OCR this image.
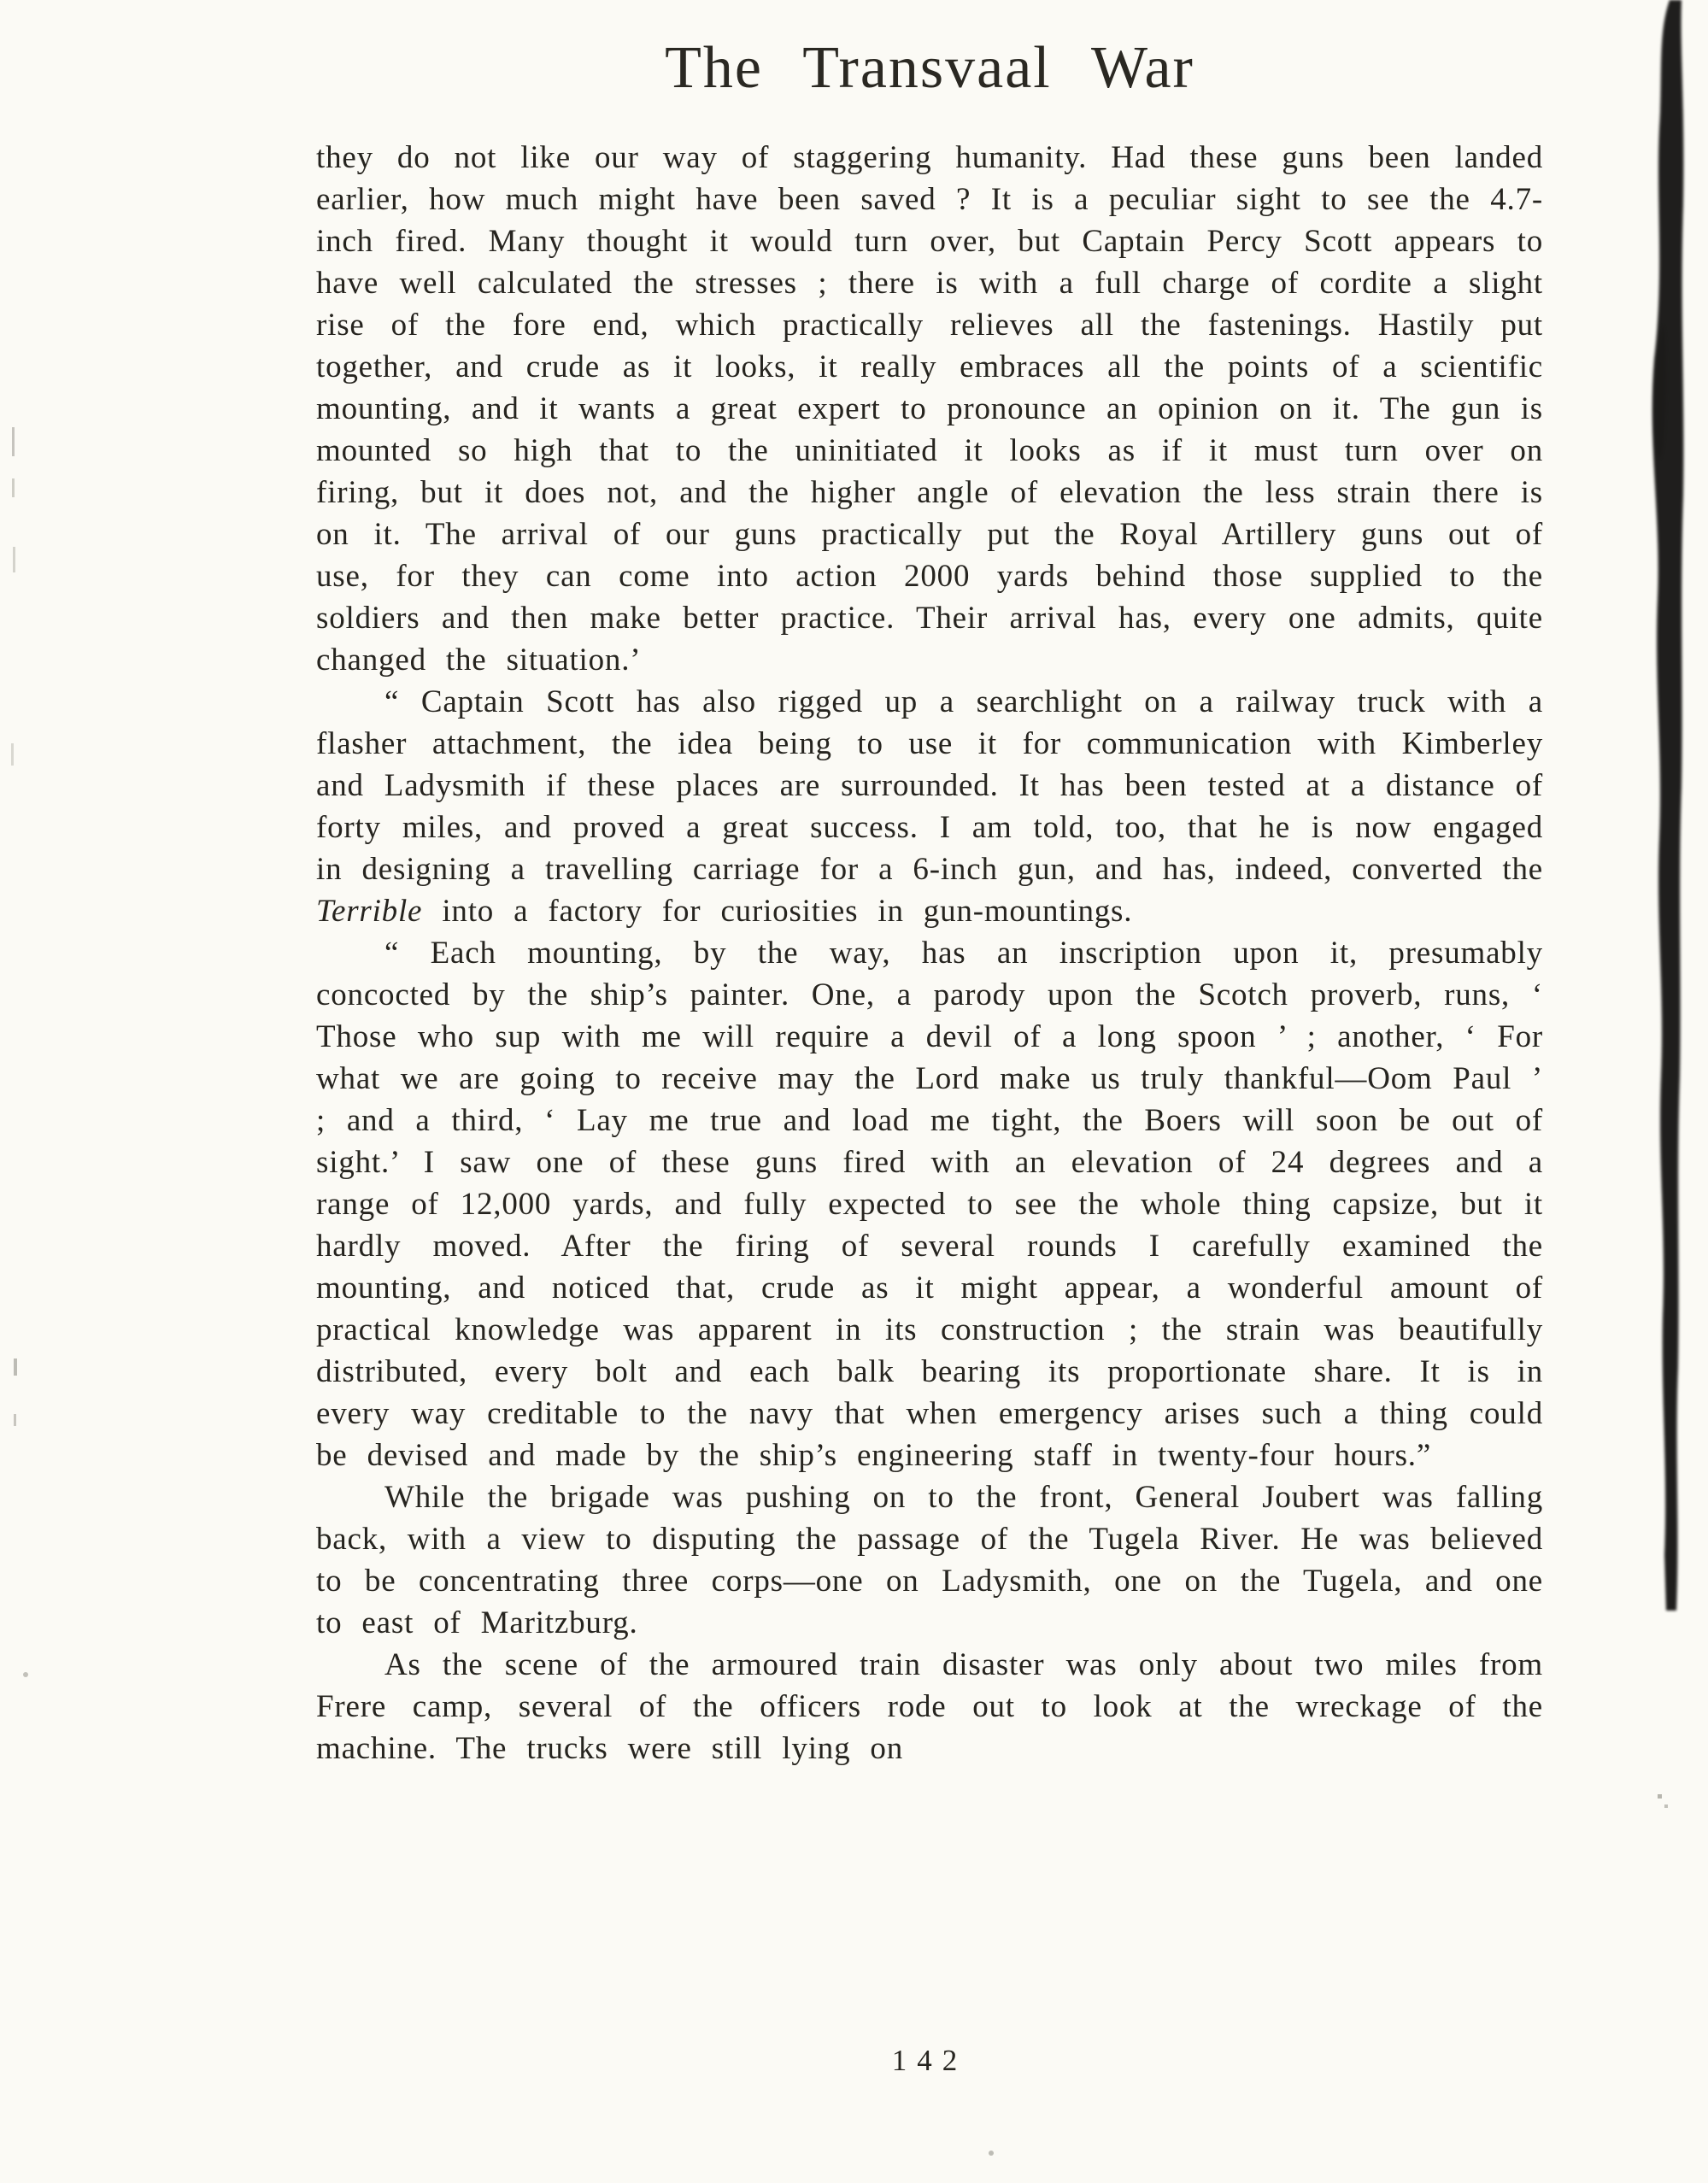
The Transvaal War

they do not like our way of staggering humanity. Had these guns been landed earlier, how much might have been saved ? It is a peculiar sight to see the 4.7-inch fired. Many thought it would turn over, but Captain Percy Scott appears to have well calculated the stresses ; there is with a full charge of cordite a slight rise of the fore end, which practically relieves all the fastenings. Hastily put together, and crude as it looks, it really embraces all the points of a scientific mounting, and it wants a great expert to pronounce an opinion on it. The gun is mounted so high that to the uninitiated it looks as if it must turn over on firing, but it does not, and the higher angle of elevation the less strain there is on it. The arrival of our guns practically put the Royal Artillery guns out of use, for they can come into action 2000 yards behind those supplied to the soldiers and then make better practice. Their arrival has, every one admits, quite changed the situation.’

“ Captain Scott has also rigged up a searchlight on a railway truck with a flasher attachment, the idea being to use it for communication with Kimberley and Ladysmith if these places are surrounded. It has been tested at a distance of forty miles, and proved a great success. I am told, too, that he is now engaged in designing a travelling carriage for a 6-inch gun, and has, indeed, converted the Terrible into a factory for curiosities in gun-mountings.

“ Each mounting, by the way, has an inscription upon it, presumably concocted by the ship’s painter. One, a parody upon the Scotch proverb, runs, ‘ Those who sup with me will require a devil of a long spoon ’ ; another, ‘ For what we are going to receive may the Lord make us truly thankful—Oom Paul ’ ; and a third, ‘ Lay me true and load me tight, the Boers will soon be out of sight.’ I saw one of these guns fired with an elevation of 24 degrees and a range of 12,000 yards, and fully expected to see the whole thing capsize, but it hardly moved. After the firing of several rounds I carefully examined the mounting, and noticed that, crude as it might appear, a wonderful amount of practical knowledge was apparent in its construction ; the strain was beautifully distributed, every bolt and each balk bearing its proportionate share. It is in every way creditable to the navy that when emergency arises such a thing could be devised and made by the ship’s engineering staff in twenty-four hours.”

While the brigade was pushing on to the front, General Joubert was falling back, with a view to disputing the passage of the Tugela River. He was believed to be concentrating three corps—one on Ladysmith, one on the Tugela, and one to east of Maritzburg.

As the scene of the armoured train disaster was only about two miles from Frere camp, several of the officers rode out to look at the wreckage of the machine. The trucks were still lying on

142
